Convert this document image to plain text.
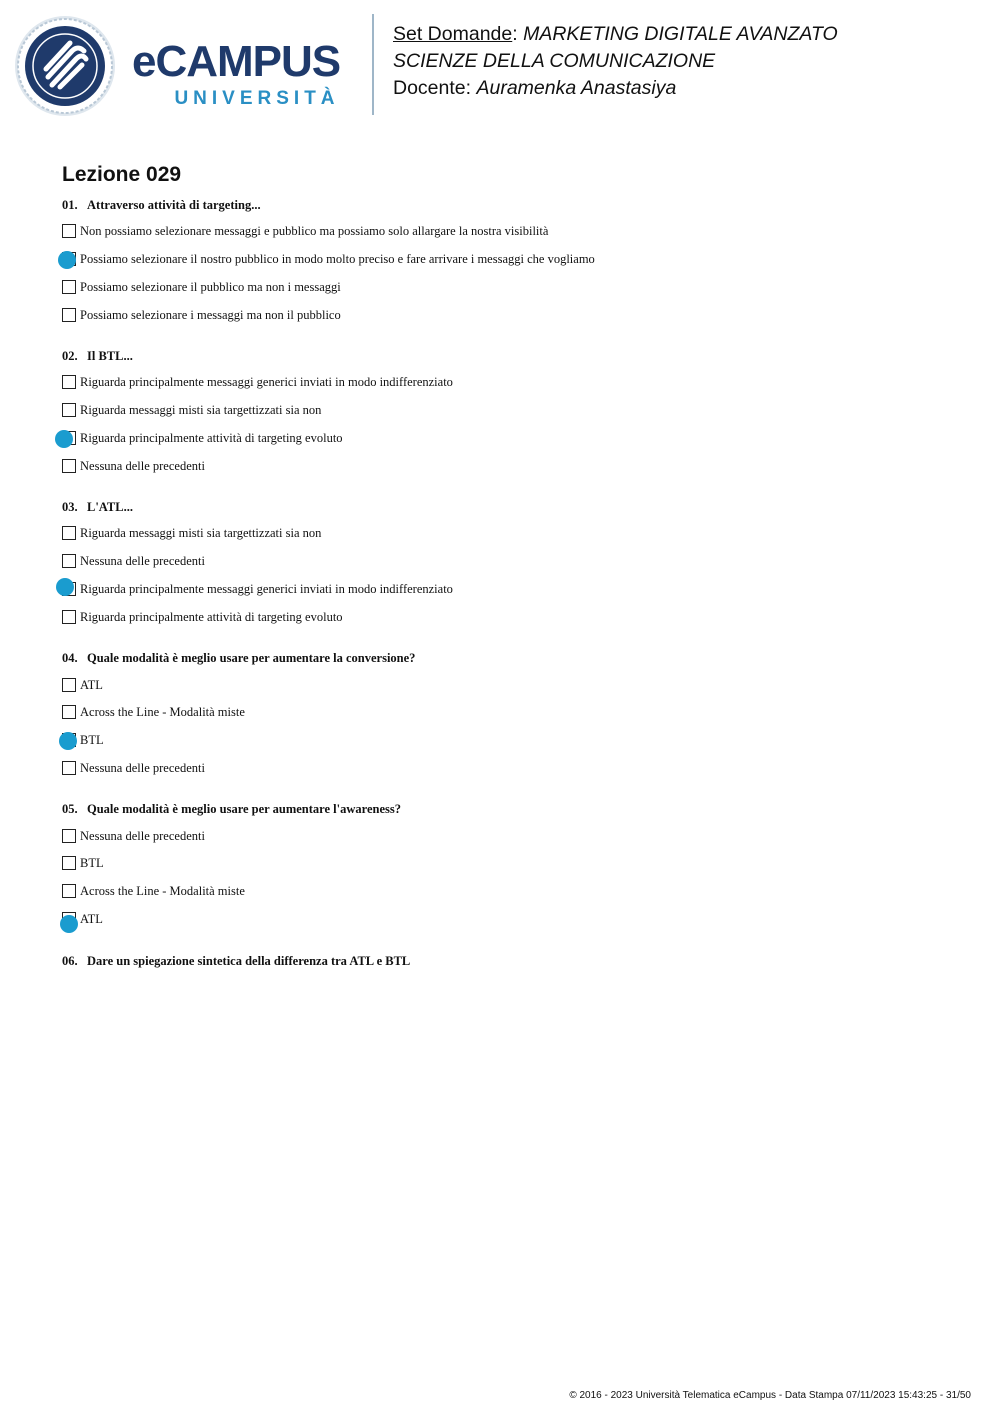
eCAMPUS
UNIVERSITÀ
Set Domande: MARKETING DIGITALE AVANZATO
SCIENZE DELLA COMUNICAZIONE
Docente: Auramenka Anastasiya
Lezione 029
01. Attraverso attività di targeting...
Non possiamo selezionare messaggi e pubblico ma possiamo solo allargare la nostra visibilità
Possiamo selezionare il nostro pubblico in modo molto preciso e fare arrivare i messaggi che vogliamo
Possiamo selezionare il pubblico ma non i messaggi
Possiamo selezionare i messaggi ma non il pubblico
02. Il BTL...
Riguarda principalmente messaggi generici inviati in modo indifferenziato
Riguarda messaggi misti sia targettizzati sia non
Riguarda principalmente attività di targeting evoluto
Nessuna delle precedenti
03. L'ATL...
Riguarda messaggi misti sia targettizzati sia non
Nessuna delle precedenti
Riguarda principalmente messaggi generici inviati in modo indifferenziato
Riguarda principalmente attività di targeting evoluto
04. Quale modalità è meglio usare per aumentare la conversione?
ATL
Across the Line - Modalità miste
BTL
Nessuna delle precedenti
05. Quale modalità è meglio usare per aumentare l'awareness?
Nessuna delle precedenti
BTL
Across the Line - Modalità miste
ATL
06. Dare un spiegazione sintetica della differenza tra ATL e BTL
© 2016 - 2023 Università Telematica eCampus - Data Stampa 07/11/2023 15:43:25 - 31/50
